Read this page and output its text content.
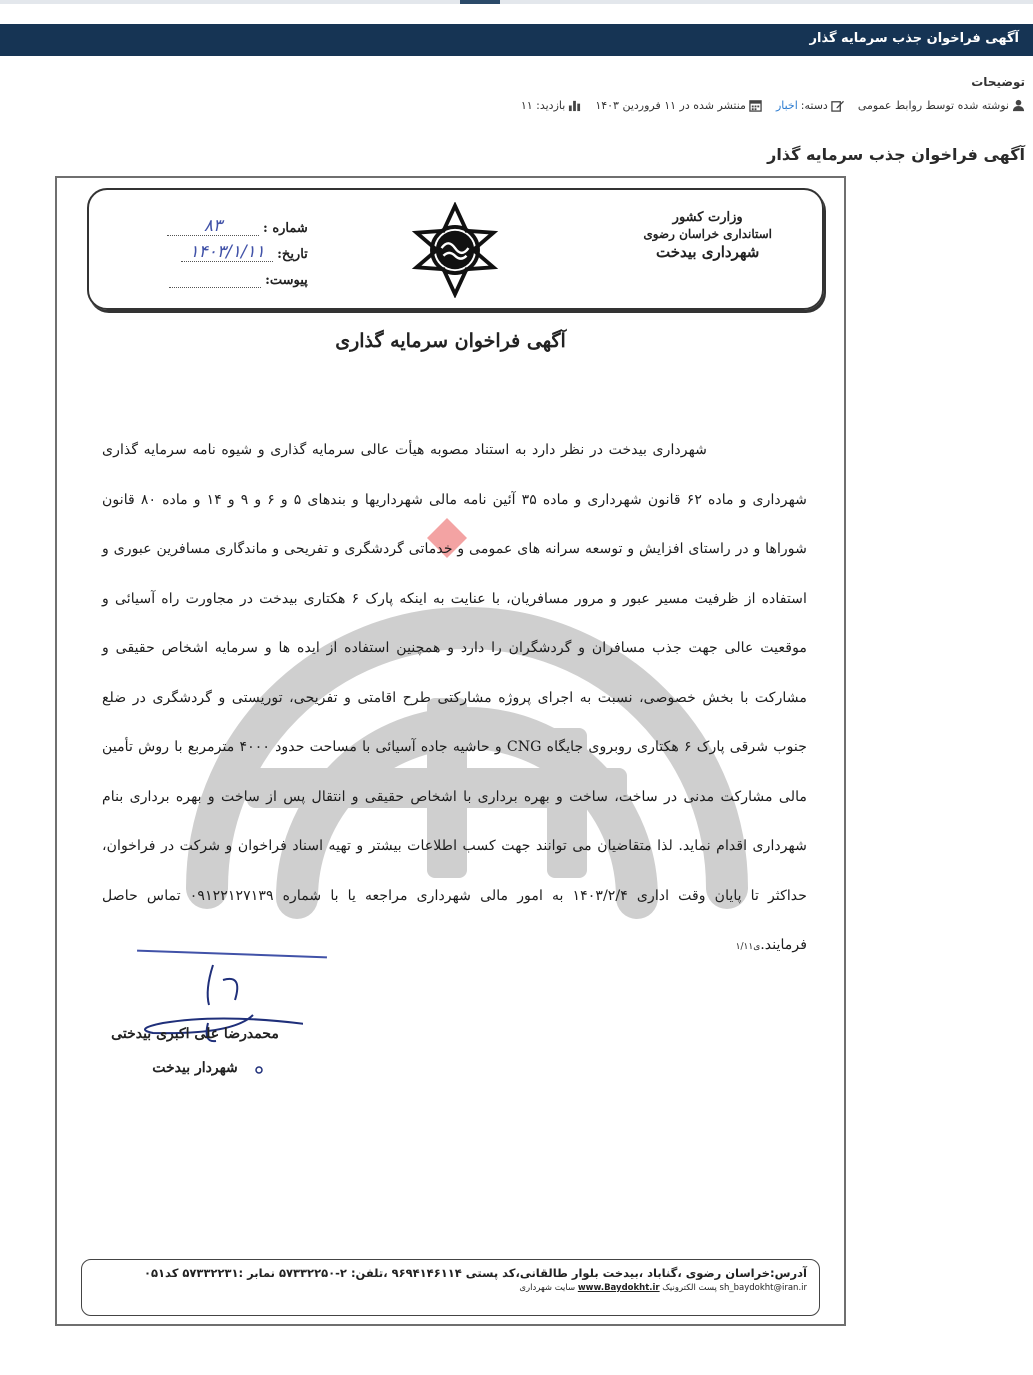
آگهی فراخوان جذب سرمایه گذار
توضیحات
نوشته شده توسط روابط عمومی
دسته:
اخبار
منتشر شده در ۱۱ فروردین ۱۴۰۳
بازدید: ۱۱
آگهی فراخوان جذب سرمایه گذار
وزارت کشور
استانداری خراسان رضوی
شهرداری بیدخت
شماره :
۸۳
تاریخ:
۱۴۰۳/۱/۱۱
پیوست:
آگهی فراخوان سرمایه گذاری

شهرداری بیدخت در نظر دارد به استناد مصوبه هیأت عالی سرمایه گذاری و شیوه نامه سرمایه گذاری شهرداری و ماده ۶۲ قانون شهرداری و ماده ۳۵ آئین نامه مالی شهرداریها و بندهای ۵ و ۶ و ۹ و ۱۴ و ماده ۸۰ قانون شوراها و در راستای افزایش و توسعه سرانه های عمومی و خدماتی گردشگری و تفریحی و ماندگاری مسافرین عبوری و استفاده از ظرفیت مسیر عبور و مرور مسافریان، با عنایت به اینکه پارک ۶ هکتاری بیدخت در مجاورت راه آسیائی و موقعیت عالی جهت جذب مسافران و گردشگران را دارد و همچنین استفاده از ایده ها و سرمایه اشخاص حقیقی و مشارکت با بخش خصوصی، نسبت به اجرای پروژه مشارکتی طرح اقامتی و تفریحی، توریستی و گردشگری در ضلع جنوب شرقی پارک ۶ هکتاری روبروی جایگاه CNG و حاشیه جاده آسیائی با مساحت حدود ۴۰۰۰ مترمربع با روش تأمین مالی مشارکت مدنی در ساخت، ساخت و بهره برداری با اشخاص حقیقی و انتقال پس از ساخت و بهره برداری بنام شهرداری اقدام نماید. لذا متقاضیان می توانند جهت کسب اطلاعات بیشتر و تهیه اسناد فراخوان و شرکت در فراخوان، حداکثر تا پایان وقت اداری ۱۴۰۳/۲/۴ به امور مالی شهرداری مراجعه یا با شماره ۰۹۱۲۲۱۲۷۱۳۹ تماس حاصل فرمایند.ی۱/۱۱

محمدرضا علی اکبری بیدختی
شهردار بیدخت
آدرس:خراسان رضوی ،گناباد ،بیدخت بلوار طالقانی،کد پستی ۹۶۹۴۱۴۶۱۱۴ ،تلفن: ۲-۵۷۳۳۲۲۵۰ نمابر :۵۷۳۳۲۲۳۱ کد۰۵۱
sh_baydokht@iran.ir پست الکترونیک www.Baydokht.ir سایت شهرداری
